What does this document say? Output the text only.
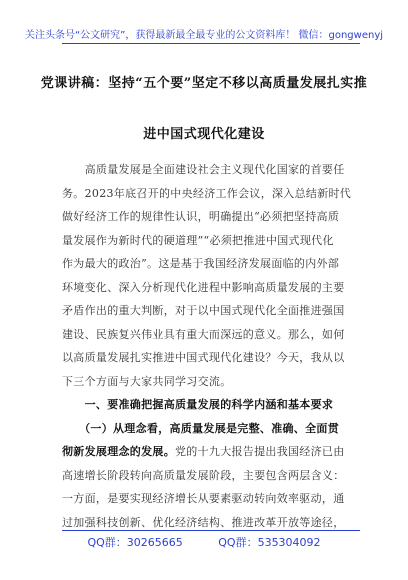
关注头条号“公文研究”，获得最新最全最专业的公文资料库！ 微信：gongwenyj
党课讲稿：坚持“五个要”坚定不移以高质量发展扎实推
进中国式现代化建设

　　高质量发展是全面建设社会主义现代化国家的首要任

务。2023年底召开的中央经济工作会议，深入总结新时代

做好经济工作的规律性认识，明确提出“必须把坚持高质

量发展作为新时代的硬道理”“必须把推进中国式现代化

作为最大的政治”。这是基于我国经济发展面临的内外部

环境变化、深入分析现代化进程中影响高质量发展的主要

矛盾作出的重大判断，对于以中国式现代化全面推进强国

建设、民族复兴伟业具有重大而深远的意义。那么，如何

以高质量发展扎实推进中国式现代化建设？今天，我从以

下三个方面与大家共同学习交流。

　　一、要准确把握高质量发展的科学内涵和基本要求

　　（一）从理念看，高质量发展是完整、准确、全面贯

彻新发展理念的发展。党的十九大报告提出我国经济已由

高速增长阶段转向高质量发展阶段，主要包含两层含义：

一方面，是要实现经济增长从要素驱动转向效率驱动，通

过加强科技创新、优化经济结构、推进改革开放等途径，

QQ群：30265665	QQ群：535304092
